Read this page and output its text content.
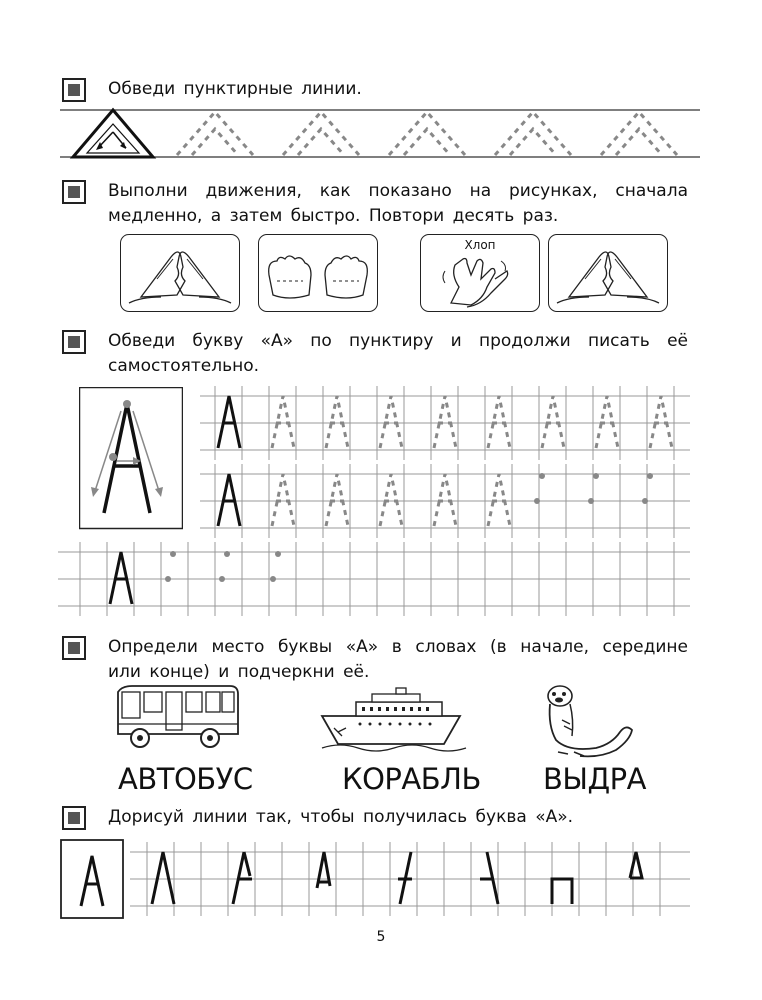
Обведи пунктирные линии.

Выполни движения, как показано на рисунках, сначала медленно, а затем быстро. Повтори десять раз.

Хлоп

Обведи букву «А» по пунктиру и продолжи писать её самостоятельно.

Определи место буквы «А» в словах (в начале, середине или конце) и подчеркни её.

АВТОБУС	КОРАБЛЬ ВЫДРА

Дорисуй линии так, чтобы получилась буква «А».

5
